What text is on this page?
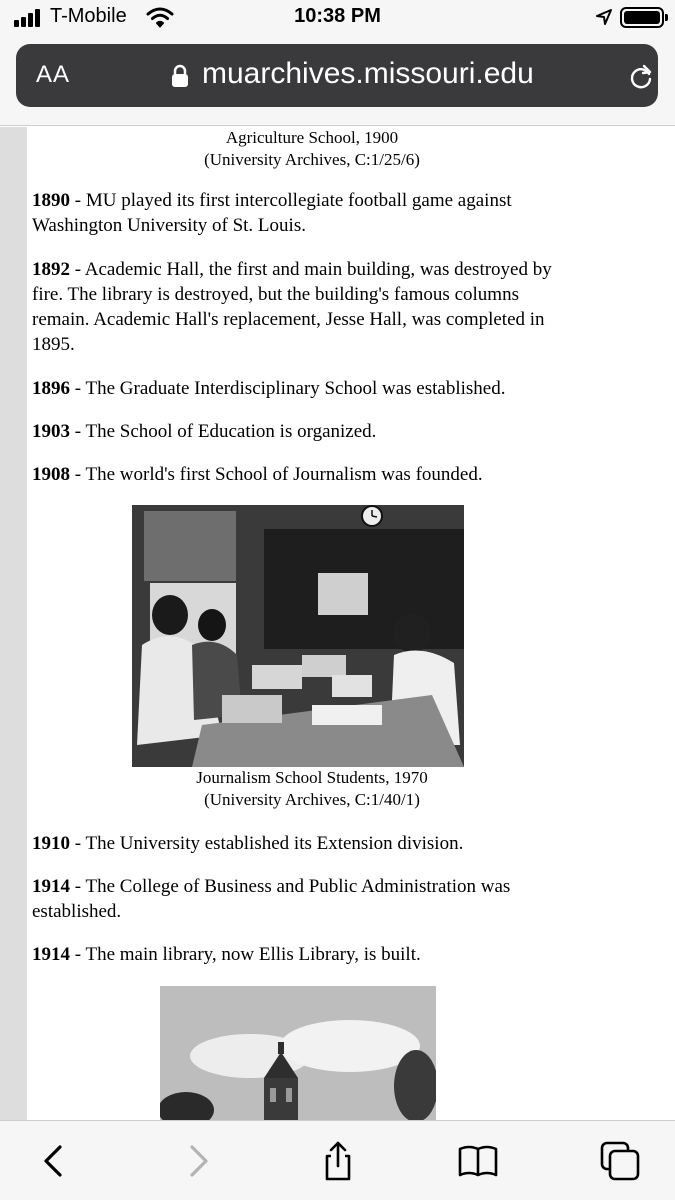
T-Mobile	10:38 PM
AA	muarchives.missouri.edu
Agriculture School, 1900
(University Archives, C:1/25/6)

1890 - MU played its first intercollegiate football game against Washington University of St. Louis.

1892 - Academic Hall, the first and main building, was destroyed by fire. The library is destroyed, but the building's famous columns remain. Academic Hall's replacement, Jesse Hall, was completed in 1895.

1896 - The Graduate Interdisciplinary School was established.

1903 - The School of Education is organized.

1908 - The world's first School of Journalism was founded.

Journalism School Students, 1970
(University Archives, C:1/40/1)

1910 - The University established its Extension division.

1914 - The College of Business and Public Administration was established.

1914 - The main library, now Ellis Library, is built.
